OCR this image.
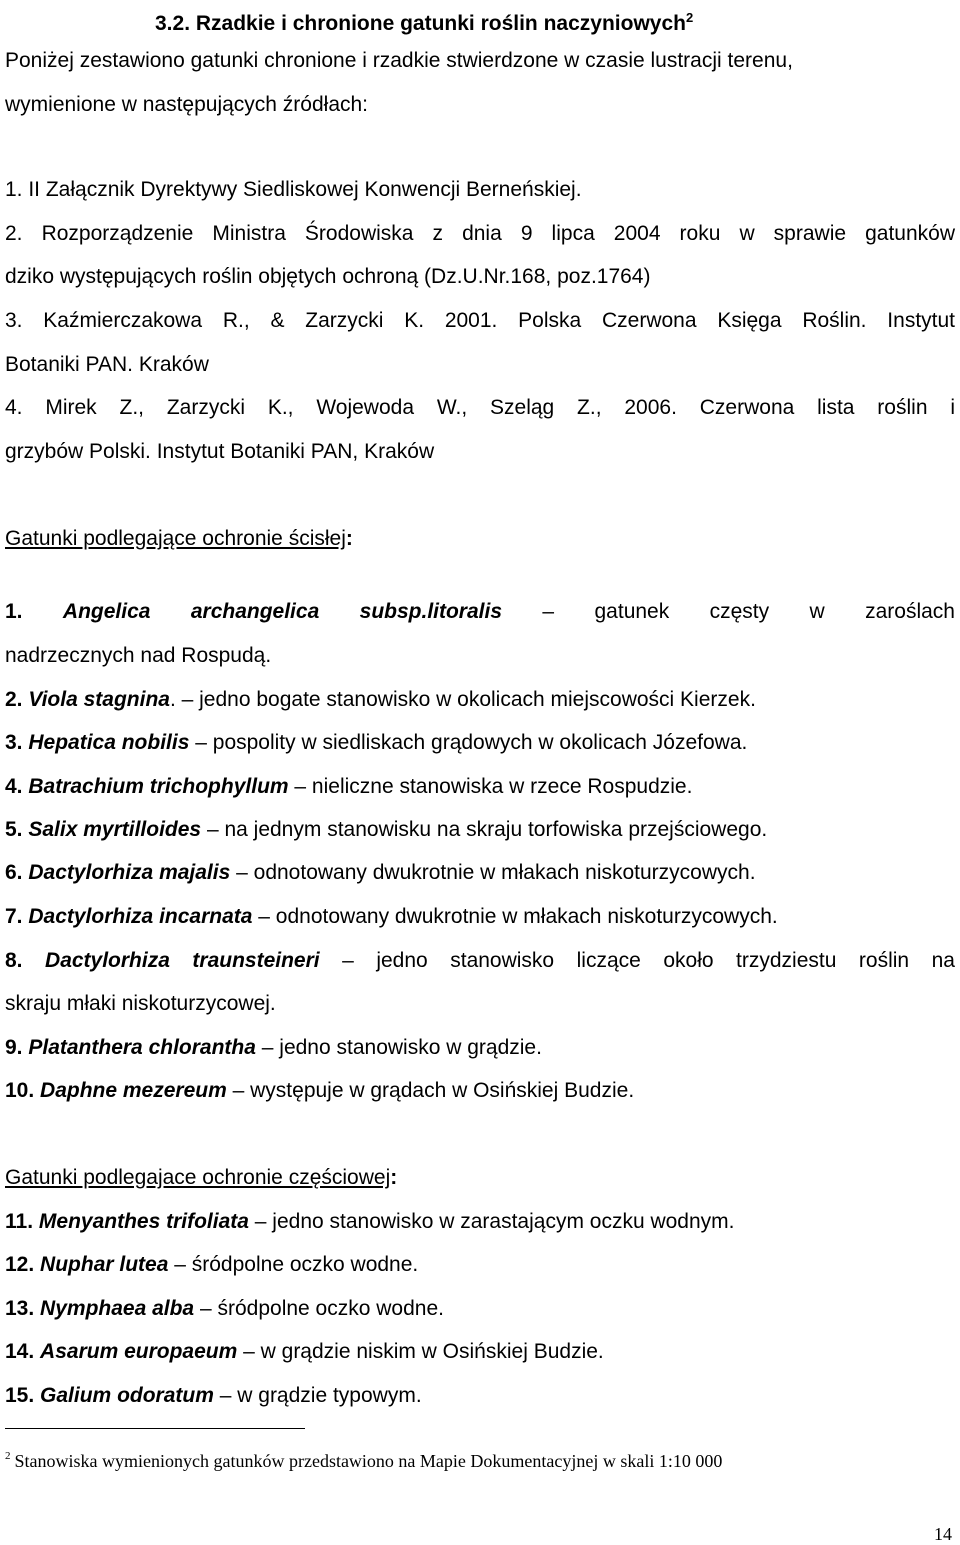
3.2. Rzadkie i chronione gatunki roślin naczyniowych$^2$
Poniżej zestawiono gatunki chronione i rzadkie stwierdzone w czasie lustracji terenu,
wymienione w następujących źródłach:
1. II Załącznik Dyrektywy Siedliskowej Konwencji Berneńskiej.
2. Rozporządzenie Ministra Środowiska z dnia 9 lipca 2004 roku w sprawie gatunków
dziko występujących roślin objętych ochroną (Dz.U.Nr.168, poz.1764)
3. Kaźmierczakowa R., & Zarzycki K. 2001. Polska Czerwona Księga Roślin. Instytut
Botaniki PAN. Kraków
4. Mirek Z., Zarzycki K., Wojewoda W., Szeląg Z., 2006. Czerwona lista roślin i
grzybów Polski. Instytut Botaniki PAN, Kraków
Gatunki podlegające ochronie ścisłej:
1. Angelica archangelica subsp.litoralis – gatunek częsty w zaroślach
nadrzecznych nad Rospudą.
2. Viola stagnina. – jedno bogate stanowisko w okolicach miejscowości Kierzek.
3. Hepatica nobilis – pospolity w siedliskach grądowych w okolicach Józefowa.
4. Batrachium trichophyllum – nieliczne stanowiska w rzece Rospudzie.
5. Salix myrtilloides – na jednym stanowisku na skraju torfowiska przejściowego.
6. Dactylorhiza majalis – odnotowany dwukrotnie w młakach niskoturzycowych.
7. Dactylorhiza incarnata – odnotowany dwukrotnie w młakach niskoturzycowych.
8. Dactylorhiza traunsteineri – jedno stanowisko liczące około trzydziestu roślin na
skraju młaki niskoturzycowej.
9. Platanthera chlorantha – jedno stanowisko w grądzie.
10. Daphne mezereum – występuje w grądach w Osińskiej Budzie.
Gatunki podlegajace ochronie częściowej:
11. Menyanthes trifoliata – jedno stanowisko w zarastającym oczku wodnym.
12. Nuphar lutea – śródpolne oczko wodne.
13. Nymphaea alba – śródpolne oczko wodne.
14. Asarum europaeum – w grądzie niskim w Osińskiej Budzie.
15. Galium odoratum – w grądzie typowym.
$^2$ Stanowiska wymienionych gatunków przedstawiono na Mapie Dokumentacyjnej w skali 1:10 000
14
